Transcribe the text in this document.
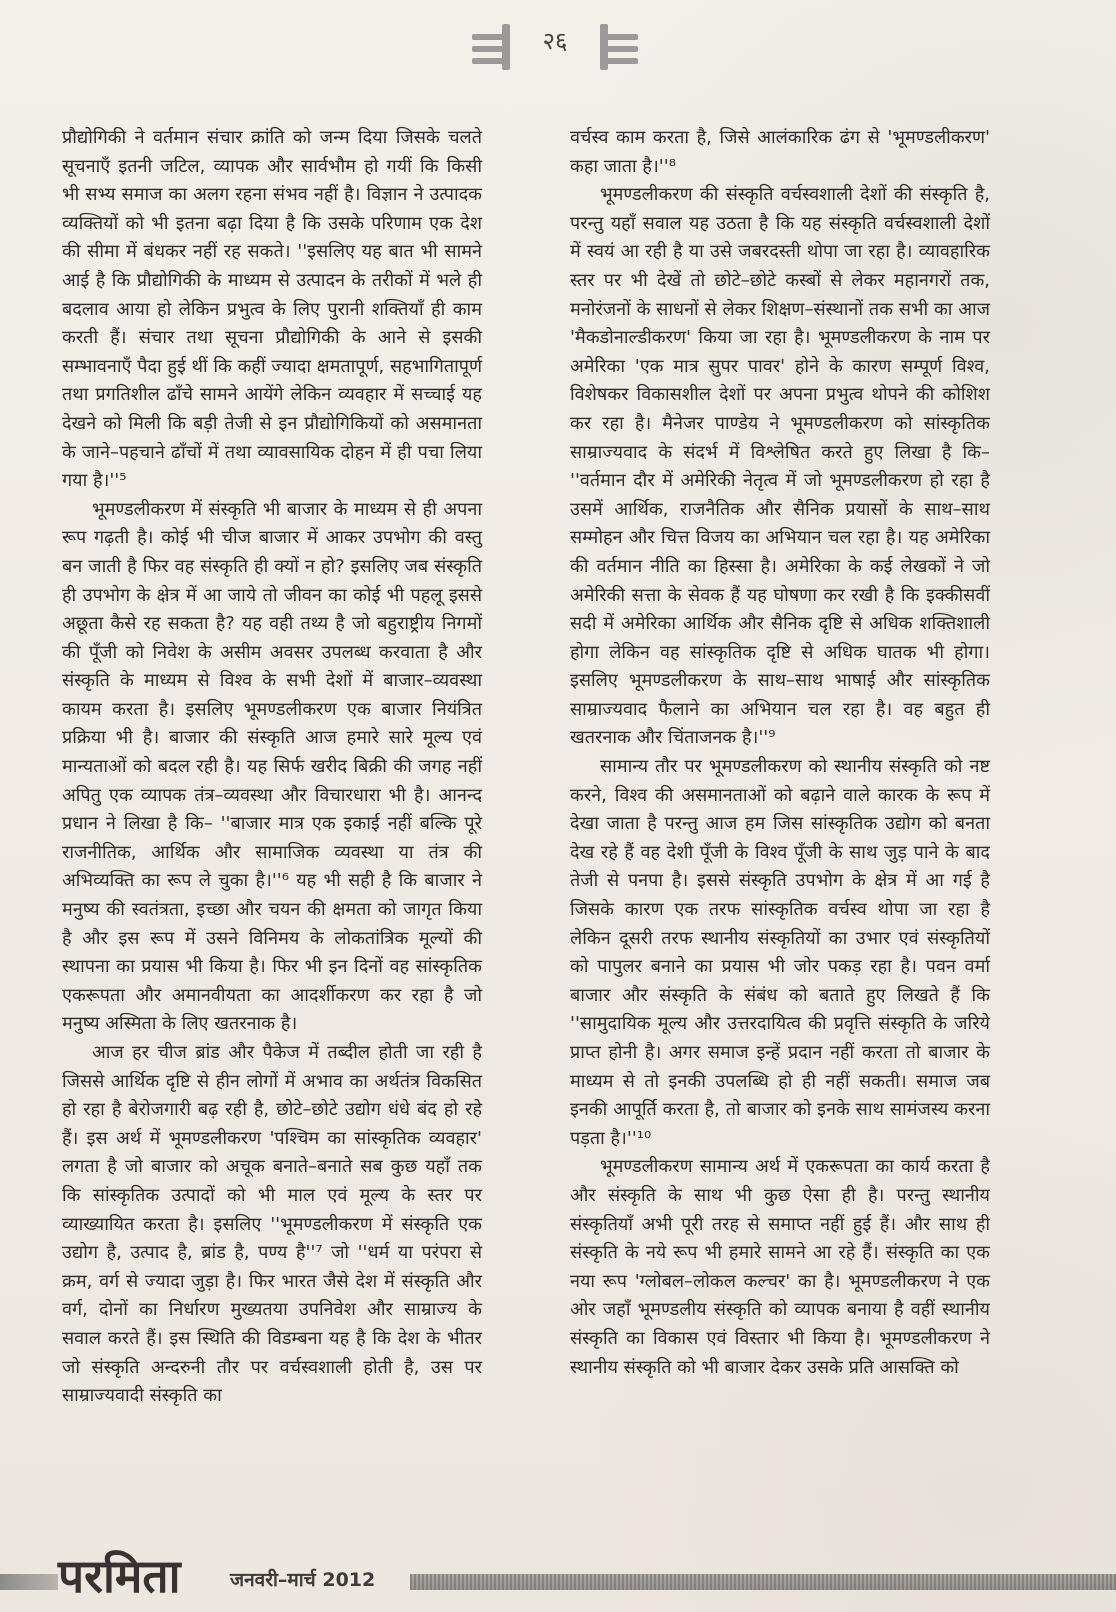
२६

प्रौद्योगिकी ने वर्तमान संचार क्रांति को जन्म दिया जिसके चलते सूचनाएँ इतनी जटिल, व्यापक और सार्वभौम हो गयीं कि किसी भी सभ्य समाज का अलग रहना संभव नहीं है। विज्ञान ने उत्पादक व्यक्तियों को भी इतना बढ़ा दिया है कि उसके परिणाम एक देश की सीमा में बंधकर नहीं रह सकते। ''इसलिए यह बात भी सामने आई है कि प्रौद्योगिकी के माध्यम से उत्पादन के तरीकों में भले ही बदलाव आया हो लेकिन प्रभुत्व के लिए पुरानी शक्तियाँ ही काम करती हैं। संचार तथा सूचना प्रौद्योगिकी के आने से इसकी सम्भावनाएँ पैदा हुई थीं कि कहीं ज्यादा क्षमतापूर्ण, सहभागितापूर्ण तथा प्रगतिशील ढाँचे सामने आयेंगे लेकिन व्यवहार में सच्चाई यह देखने को मिली कि बड़ी तेजी से इन प्रौद्योगिकियों को असमानता के जाने–पहचाने ढाँचों में तथा व्यावसायिक दोहन में ही पचा लिया गया है।''⁵

भूमण्डलीकरण में संस्कृति भी बाजार के माध्यम से ही अपना रूप गढ़ती है। कोई भी चीज बाजार में आकर उपभोग की वस्तु बन जाती है फिर वह संस्कृति ही क्यों न हो? इसलिए जब संस्कृति ही उपभोग के क्षेत्र में आ जाये तो जीवन का कोई भी पहलू इससे अछूता कैसे रह सकता है? यह वही तथ्य है जो बहुराष्ट्रीय निगमों की पूँजी को निवेश के असीम अवसर उपलब्ध करवाता है और संस्कृति के माध्यम से विश्व के सभी देशों में बाजार–व्यवस्था कायम करता है। इसलिए भूमण्डलीकरण एक बाजार नियंत्रित प्रक्रिया भी है। बाजार की संस्कृति आज हमारे सारे मूल्य एवं मान्यताओं को बदल रही है। यह सिर्फ खरीद बिक्री की जगह नहीं अपितु एक व्यापक तंत्र–व्यवस्था और विचारधारा भी है। आनन्द प्रधान ने लिखा है कि– ''बाजार मात्र एक इकाई नहीं बल्कि पूरे राजनीतिक, आर्थिक और सामाजिक व्यवस्था या तंत्र की अभिव्यक्ति का रूप ले चुका है।''⁶ यह भी सही है कि बाजार ने मनुष्य की स्वतंत्रता, इच्छा और चयन की क्षमता को जागृत किया है और इस रूप में उसने विनिमय के लोकतांत्रिक मूल्यों की स्थापना का प्रयास भी किया है। फिर भी इन दिनों वह सांस्कृतिक एकरूपता और अमानवीयता का आदर्शीकरण कर रहा है जो मनुष्य अस्मिता के लिए खतरनाक है।

आज हर चीज ब्रांड और पैकेज में तब्दील होती जा रही है जिससे आर्थिक दृष्टि से हीन लोगों में अभाव का अर्थतंत्र विकसित हो रहा है बेरोजगारी बढ़ रही है, छोटे–छोटे उद्योग धंधे बंद हो रहे हैं। इस अर्थ में भूमण्डलीकरण 'पश्चिम का सांस्कृतिक व्यवहार' लगता है जो बाजार को अचूक बनाते–बनाते सब कुछ यहाँ तक कि सांस्कृतिक उत्पादों को भी माल एवं मूल्य के स्तर पर व्याख्यायित करता है। इसलिए ''भूमण्डलीकरण में संस्कृति एक उद्योग है, उत्पाद है, ब्रांड है, पण्य है''⁷ जो ''धर्म या परंपरा से क्रम, वर्ग से ज्यादा जुड़ा है। फिर भारत जैसे देश में संस्कृति और वर्ग, दोनों का निर्धारण मुख्यतया उपनिवेश और साम्राज्य के सवाल करते हैं। इस स्थिति की विडम्बना यह है कि देश के भीतर जो संस्कृति अन्दरुनी तौर पर वर्चस्वशाली होती है, उस पर साम्राज्यवादी संस्कृति का

वर्चस्व काम करता है, जिसे आलंकारिक ढंग से 'भूमण्डलीकरण' कहा जाता है।''⁸

भूमण्डलीकरण की संस्कृति वर्चस्वशाली देशों की संस्कृति है, परन्तु यहाँ सवाल यह उठता है कि यह संस्कृति वर्चस्वशाली देशों में स्वयं आ रही है या उसे जबरदस्ती थोपा जा रहा है। व्यावहारिक स्तर पर भी देखें तो छोटे–छोटे कस्बों से लेकर महानगरों तक, मनोरंजनों के साधनों से लेकर शिक्षण–संस्थानों तक सभी का आज 'मैकडोनाल्डीकरण' किया जा रहा है। भूमण्डलीकरण के नाम पर अमेरिका 'एक मात्र सुपर पावर' होने के कारण सम्पूर्ण विश्व, विशेषकर विकासशील देशों पर अपना प्रभुत्व थोपने की कोशिश कर रहा है। मैनेजर पाण्डेय ने भूमण्डलीकरण को सांस्कृतिक साम्राज्यवाद के संदर्भ में विश्लेषित करते हुए लिखा है कि– ''वर्तमान दौर में अमेरिकी नेतृत्व में जो भूमण्डलीकरण हो रहा है उसमें आर्थिक, राजनैतिक और सैनिक प्रयासों के साथ–साथ सम्मोहन और चित्त विजय का अभियान चल रहा है। यह अमेरिका की वर्तमान नीति का हिस्सा है। अमेरिका के कई लेखकों ने जो अमेरिकी सत्ता के सेवक हैं यह घोषणा कर रखी है कि इक्कीसवीं सदी में अमेरिका आर्थिक और सैनिक दृष्टि से अधिक शक्तिशाली होगा लेकिन वह सांस्कृतिक दृष्टि से अधिक घातक भी होगा। इसलिए भूमण्डलीकरण के साथ–साथ भाषाई और सांस्कृतिक साम्राज्यवाद फैलाने का अभियान चल रहा है। वह बहुत ही खतरनाक और चिंताजनक है।''⁹

सामान्य तौर पर भूमण्डलीकरण को स्थानीय संस्कृति को नष्ट करने, विश्व की असमानताओं को बढ़ाने वाले कारक के रूप में देखा जाता है परन्तु आज हम जिस सांस्कृतिक उद्योग को बनता देख रहे हैं वह देशी पूँजी के विश्व पूँजी के साथ जुड़ पाने के बाद तेजी से पनपा है। इससे संस्कृति उपभोग के क्षेत्र में आ गई है जिसके कारण एक तरफ सांस्कृतिक वर्चस्व थोपा जा रहा है लेकिन दूसरी तरफ स्थानीय संस्कृतियों का उभार एवं संस्कृतियों को पापुलर बनाने का प्रयास भी जोर पकड़ रहा है। पवन वर्मा बाजार और संस्कृति के संबंध को बताते हुए लिखते हैं कि ''सामुदायिक मूल्य और उत्तरदायित्व की प्रवृत्ति संस्कृति के जरिये प्राप्त होनी है। अगर समाज इन्हें प्रदान नहीं करता तो बाजार के माध्यम से तो इनकी उपलब्धि हो ही नहीं सकती। समाज जब इनकी आपूर्ति करता है, तो बाजार को इनके साथ सामंजस्य करना पड़ता है।''¹⁰

भूमण्डलीकरण सामान्य अर्थ में एकरूपता का कार्य करता है और संस्कृति के साथ भी कुछ ऐसा ही है। परन्तु स्थानीय संस्कृतियाँ अभी पूरी तरह से समाप्त नहीं हुई हैं। और साथ ही संस्कृति के नये रूप भी हमारे सामने आ रहे हैं। संस्कृति का एक नया रूप 'ग्लोबल–लोकल कल्चर' का है। भूमण्डलीकरण ने एक ओर जहाँ भूमण्डलीय संस्कृति को व्यापक बनाया है वहीं स्थानीय संस्कृति का विकास एवं विस्तार भी किया है। भूमण्डलीकरण ने स्थानीय संस्कृति को भी बाजार देकर उसके प्रति आसक्ति को

परमिता	जनवरी–मार्च 2012
